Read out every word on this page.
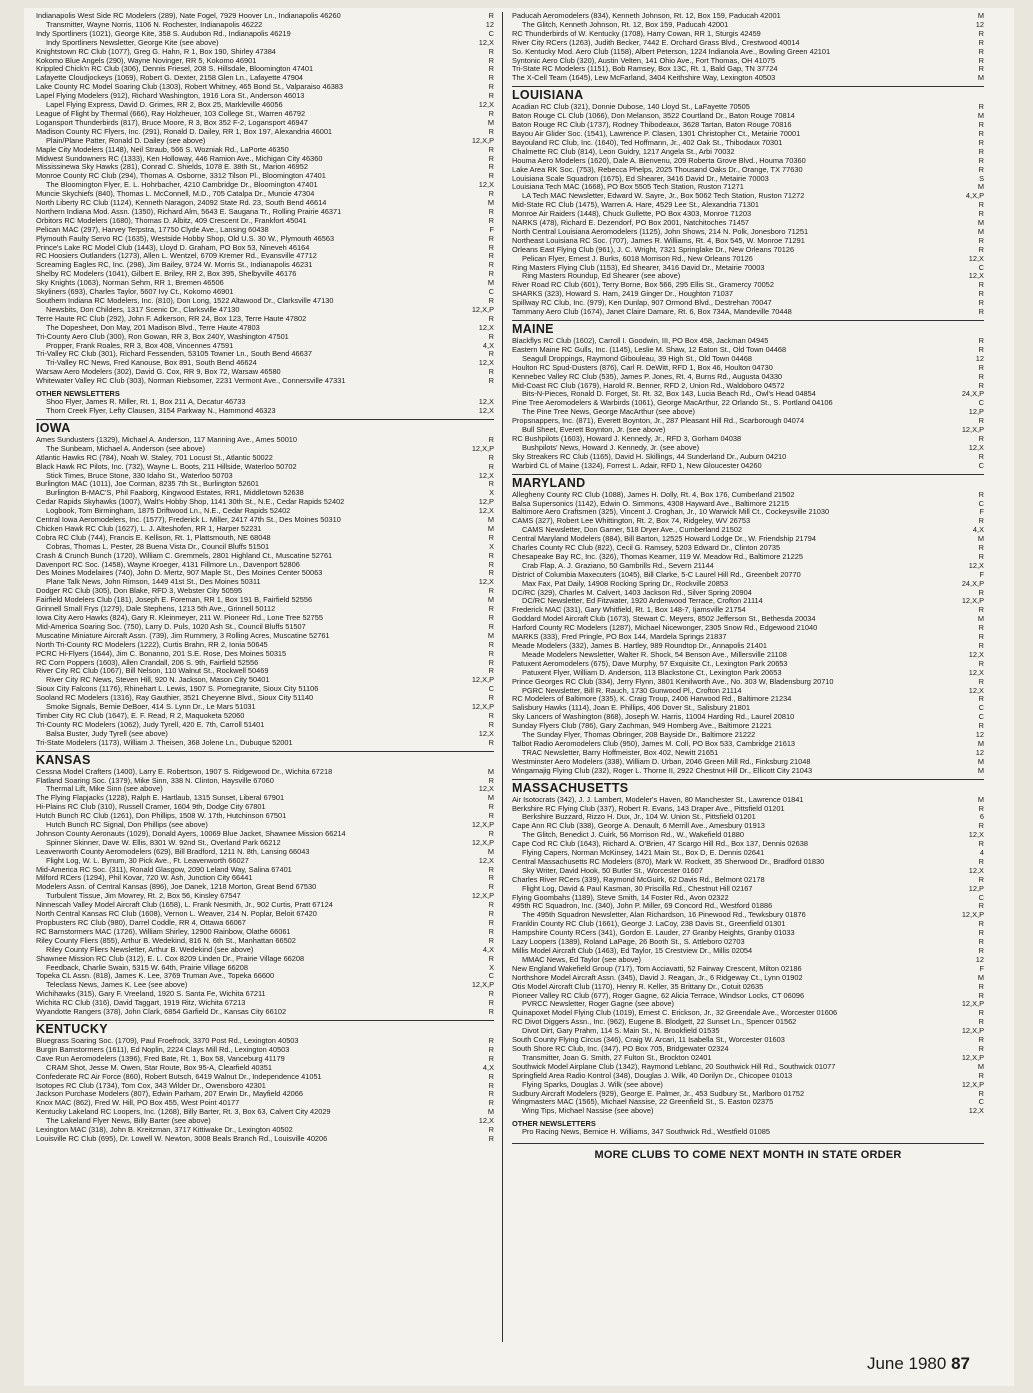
Indianapolis West Side RC Modelers (289), Nate Fogel, 7929 Hoover Ln., Indianapolis 46260	R
Transmitter, Wayne Norris, 1106 N. Rochester, Indianapolis 46222	12
Indy Sportliners (1021), George Kite, 358 S. Audubon Rd., Indianapolis 46219	C
Indy Sportliners Newsletter, George Kite (see above)	12,X
Knightstown RC Club (1077), Greg G. Hahn, R 1, Box 190, Shirley 47384	R
Kokomo Blue Angels (290), Wayne Novinger, RR 5, Kokomo 46901	R
Krippled Chick'n RC Club (306), Dennis Friesel, 208 S. Hillsdale, Bloomington 47401	R
Lafayette Cloudjockeys (1069), Robert G. Dexter, 2158 Glen Ln., Lafayette 47904	R
Lake County RC Model Soaring Club (1303), Robert Whitney, 465 Bond St., Valparaiso 46383	R
Lapel Flying Modelers (912), Richard Washington, 1916 Lora St., Anderson 46013	R
Lapel Flying Express, David D. Grimes, RR 2, Box 25, Markleville 46056	12,X
League of Flight by Thermal (666), Ray Holzheuer, 103 College St., Warren 46792	R
Logansport Thunderbirds (817), Bruce Moore, R 3, Box 352 F-2, Logansport 46947	M
Madison County RC Flyers, Inc. (291), Ronald D. Dailey, RR 1, Box 197, Alexandria 46001	R
Plain/Plane Patter, Ronald D. Dailey (see above)	12,X,P
Maple City Modelers (1148), Neil Straub, 566 S. Wozniak Rd., LaPorte 46350	R
Midwest Sundowners RC (1333), Ken Holloway, 446 Ramion Ave., Michigan City 46360	R
Mississinewa Sky Hawks (281), Conrad C. Shields, 1078 E. 38th St., Marion 46952	R
Monroe County RC Club (294), Thomas A. Osborne, 3312 Tilson Pl., Bloomington 47401	R
The Bloomington Flyer, E. L. Hohrbacher, 4210 Cambridge Dr., Bloomington 47401	12,X
Muncie Skychiefs (840), Thomas L. McConnell, M.D., 705 Catalpa Dr., Muncie 47304	R
North Liberty RC Club (1124), Kenneth Naragon, 24092 State Rd. 23, South Bend 46614	M
Northern Indiana Mod. Assn. (1350), Richard Alm, 5643 E. Saugana Tr., Rolling Prairie 46371	R
Orbitors RC Modelers (1680), Thomas D. Albitz, 409 Crescent Dr., Frankfort 45041	R
Pelican MAC (297), Harvey Terpstra, 17750 Clyde Ave., Lansing 60438	F
Plymouth Faulty Servo RC (1635), Westside Hobby Shop, Old U.S. 30 W., Plymouth 46563	R
Prince's Lake RC Model Club (1443), Lloyd D. Graham, PO Box 53, Nineveh 46164	R
RC Hoosiers Outlanders (1273), Allen L. Wentzel, 6709 Kremer Rd., Evansville 47712	R
Screaming Eagles RC, Inc. (298), Jim Bailey, 9724 W. Morris St., Indianapolis 46231	R
Shelby RC Modelers (1041), Gilbert E. Briley, RR 2, Box 395, Shelbyville 46176	R
Sky Knights (1063), Norman Sehm, RR 1, Bremen 46506	M
Skyliners (693), Charles Taylor, 5607 Ivy Ct., Kokomo 46901	C
Southern Indiana RC Modelers, Inc. (810), Don Long, 1522 Altawood Dr., Clarksville 47130	R
Newsbits, Don Childers, 1317 Scenic Dr., Clarksville 47130	12,X,P
Terre Haute RC Club (292), John F. Adkerson, RR 24, Box 123, Terre Haute 47802	R
The Dopesheet, Don May, 201 Madison Blvd., Terre Haute 47803	12,X
Tri-County Aero Club (300), Ron Gowan, RR 3, Box 240Y, Washington 47501	R
Propper, Frank Roales, RR 3, Box 408, Vincennes 47591	4,X
Tri-Valley RC Club (301), Richard Fessenden, 53105 Towner Ln., South Bend 46637	R
Tri-Valley RC News, Fred Kanouse, Box 891, South Bend 46624	12,X
Warsaw Aero Modelers (302), David G. Cox, RR 9, Box 72, Warsaw 46580	R
Whitewater Valley RC Club (303), Norman Riebsomer, 2231 Vermont Ave., Connersville 47331	R
OTHER NEWSLETTERS
Shoo Flyer, James R. Miller, Rt. 1, Box 211 A, Decatur 46733	12,X
Thorn Creek Flyer, Lefty Clausen, 3154 Parkway N., Hammond 46323	12,X
IOWA
Ames Sundusters (1329), Michael A. Anderson, 117 Manning Ave., Ames 50010	R
The Sunbeam, Michael A. Anderson (see above)	12,X,P
Atlantic Hawks RC (784), Noah W. Staley, 701 Locust St., Atlantic 50022	R
Black Hawk RC Pilots, Inc. (732), Wayne L. Boots, 211 Hillside, Waterloo 50702	R
Stick Times, Bruce Stone, 330 Idaho St., Waterloo 50703	12,X
Burlington MAC (1011), Joe Corman, 8235 7th St., Burlington 52601	R
Burlington B-MAC'S, Phil Faaborg, Kingwood Estates, RR1, Middletown 52638	X
Cedar Rapids Skyhawks (1007), Walt's Hobby Shop, 1141 30th St., N.E., Cedar Rapids 52402	12,P
Logbook, Tom Birmingham, 1875 Driftwood Ln., N.E., Cedar Rapids 52402	12,X
Central Iowa Aeromodelers, Inc. (1577), Frederick L. Miller, 2417 47th St., Des Moines 50310	M
Chicken Hawk RC Club (1627), L. J. Alteshofen, RR 1, Harper 52231	M
Cobra RC Club (744), Francis E. Kellison, Rt. 1, Plattsmouth, NE 68048	R
Cobras, Thomas L. Pester, 28 Buena Vista Dr., Council Bluffs 51501	X
Crash & Crunch Bunch (1720), William C. Gremmels, 2801 Highland Ct., Muscatine 52761	R
Davenport RC Soc. (1458), Wayne Kroeger, 4131 Fillmore Ln., Davenport 52806	R
Des Moines Modelaires (740), John D. Mertz, 907 Maple St., Des Moines Center 50063	R
Plane Talk News, John Rimson, 1449 41st St., Des Moines 50311	12,X
Dodger RC Club (305), Don Blake, RFD 3, Webster City 50595	R
Fairfield Modelers Club (181), Joseph E. Foreman, RR 1, Box 191 B, Fairfield 52556	M
Grinnell Small Frys (1279), Dale Stephens, 1213 5th Ave., Grinnell 50112	R
Iowa City Aero Hawks (824), Gary R. Kleinmeyer, 211 W. Pioneer Rd., Lone Tree 52755	R
Mid-America Soaring Soc. (750), Larry D. Puls, 1020 Ash St., Council Bluffs 51507	R
Muscatine Miniature Aircraft Assn. (739), Jim Rummery, 3 Rolling Acres, Muscatine 52761	M
North Tri-County RC Modelers (1222), Curtis Brahn, RR 2, Ionia 50645	R
PCRC Hi-Flyers (1644), Jim C. Bonanno, 201 S.E. Rose, Des Moines 50315	R
RC Corn Poppers (1603), Allen Crandall, 206 S. 9th, Fairfield 52556	R
River City RC Club (1067), Bill Nelson, 110 Walnut St., Rockwell 50469	R
River City RC News, Steven Hill, 920 N. Jackson, Mason City 50401	12,X,P
Sioux City Falcons (1176), Rhinehart L. Lewis, 1907 S. Pomegranite, Sioux City 51106	C
Sooland RC Modelers (1316), Ray Gauthier, 3521 Cheyenne Blvd., Sioux City 51140	R
Smoke Signals, Bernie DeBoer, 414 S. Lynn Dr., Le Mars 51031	12,X,P
Timber City RC Club (1647), E. F. Read, R 2, Maquoketa 52060	R
Tri-County RC Modelers (1062), Judy Tyrell, 420 E. 7th, Carroll 51401	R
Balsa Buster, Judy Tyrell (see above)	12,X
Tri-State Modelers (1173), William J. Theisen, 368 Jolene Ln., Dubuque 52001	R
KANSAS
Cessna Model Crafters (1400), Larry E. Robertson, 1907 S. Ridgewood Dr., Wichita 67218	M
Flatland Soaring Soc. (1379), Mike Sinn, 338 N. Clinton, Haysville 67060	R
Thermal Lift, Mike Sinn (see above)	12,X
The Flying Flapjacks (1228), Ralph E. Hartlaub, 1315 Sunset, Liberal 67901	M
Hi-Plains RC Club (310), Russell Cramer, 1604 9th, Dodge City 67801	R
Hutch Bunch RC Club (1261), Don Phillips, 1508 W. 17th, Hutchinson 67501	R
Hutch Bunch RC Signal, Don Phillips (see above)	12,X,P
Johnson County Aeronauts (1029), Donald Ayers, 10069 Blue Jacket, Shawnee Mission 66214	R
Spinner Skinner, Dave W. Ellis, 8301 W. 92nd St., Overland Park 66212	12,X,P
Leavenworth County Aeromodelers (629), Bill Bradford, 1211 N. 8th, Lansing 66043	M
Flight Log, W. L. Bynum, 30 Pick Ave., Ft. Leavenworth 66027	12,X
Mid-America RC Soc. (311), Ronald Glasgow, 2090 Leland Way, Salina 67401	R
Milford RCers (1294), Phil Kovar, 720 W. Ash, Junction City 66441	R
Modelers Assn. of Central Kansas (896), Joe Danek, 1218 Morton, Great Bend 67530	R
Turbulent Tissue, Jim Mowrey, Rt. 2, Box 56, Kinsley 67547	12,X,P
Ninnescah Valley Model Aircraft Club (1658), L. Frank Nesmith, Jr., 902 Curtis, Pratt 67124	R
North Central Kansas RC Club (1608), Vernon L. Weaver, 214 N. Poplar, Beloit 67420	R
Propbusters RC Club (980), Darrel Coddle, RR 4, Ottawa 66067	R
RC Barnstormers MAC (1726), William Shirley, 12900 Rainbow, Olathe 66061	R
Riley County Fliers (855), Arthur B. Wedekind, 816 N. 6th St., Manhattan 66502	R
Riley County Fliers Newsletter, Arthur B. Wedekind (see above)	4,X
Shawnee Mission RC Club (312), E. L. Cox 8209 Linden Dr., Prairie Village 66208	R
Feedback, Charlie Swain, 5315 W. 64th, Prairie Village 66208	X
Topeka CL Assn. (818), James K. Lee, 3769 Truman Ave., Topeka 66600	C
Teleclass News, James K. Lee (see above)	12,X,P
Wichihawks (315), Gary F. Vreeland, 1920 S. Santa Fe, Wichita 67211	R
Wichita RC Club (316), David Taggart, 1919 Ritz, Wichita 67213	R
Wyandotte Rangers (378), John Clark, 6854 Garfield Dr., Kansas City 66102	R
KENTUCKY
Bluegrass Soaring Soc. (1709), Paul Froefrock, 3370 Post Rd., Lexington 40503	R
Burgin Barnstormers (1611), Ed Noplin, 2224 Clays Mill Rd., Lexington 40503	R
Cave Run Aeromodelers (1396), Fred Bate, Rt. 1, Box 58, Vanceburg 41179	R
CRAM Shot, Jesse M. Owen, Star Route, Box 95-A, Clearfield 40351	4,X
Confederate RC Air Force (860), Robert Butsch, 6419 Walnut Dr., Independence 41051	R
Isotopes RC Club (1734), Tom Cox, 343 Wilder Dr., Owensboro 42301	R
Jackson Purchase Modelers (807), Edwin Parham, 207 Erwin Dr., Mayfield 42066	R
Knox MAC (862), Fred W. Hill, PO Box 455, West Point 40177	R
Kentucky Lakeland RC Loopers, Inc. (1268), Billy Barter, Rt. 3, Box 63, Calvert City 42029	M
The Lakeland Flyer News, Billy Barter (see above)	12,X
Lexington MAC (318), John B. Kreitzman, 3717 Kittiwake Dr., Lexington 40502	R
Louisville RC Club (695), Dr. Lowell W. Newton, 3008 Beals Branch Rd., Louisville 40206	R
Paducah Aeromodelers (834), Kenneth Johnson, Rt. 12, Box 159, Paducah 42001	M
The Glitch, Kenneth Johnson, Rt. 12, Box 159, Paducah 42001	12
RC Thunderbirds of W. Kentucky (1708), Harry Cowan, RR 1, Sturgis 42459	R
River City RCers (1263), Judith Becker, 7442 E. Orchard Grass Blvd., Crestwood 40014	R
So. Kentucky Mod. Aero Club (1158), Albert Peterson, 1224 Indianola Ave., Bowling Green 42101	R
Syntonic Aero Club (320), Austin Velten, 141 Ohio Ave., Fort Thomas, OH 41075	R
Tri-State RC Modelers (1151), Bob Ramsey, Box 13C, Rt. 1, Bald Gap, TN 37724	R
The X-Cell Team (1645), Lew McFarland, 3404 Keithshire Way, Lexington 40503	M
LOUISIANA
Acadian RC Club (321), Donnie Dubose, 140 Lloyd St., LaFayette 70505	R
Baton Rouge CL Club (1066), Don Melanson, 3522 Courtland Dr., Baton Rouge 70814	M
Baton Rouge RC Club (1737), Rodney Thibodeaux, 3628 Tartan, Baton Rouge 70816	R
Bayou Air Glider Soc. (1541), Lawrence P. Clasen, 1301 Christopher Ct., Metairie 70001	R
Bayouland RC Club, Inc. (1640), Ted Hoffmann, Jr., 402 Oak St., Thibodaux 70301	R
Chalmette RC Club (814), Leon Guidry, 1217 Angela St., Arbi 70032	R
Houma Aero Modelers (1620), Dale A. Bienvenu, 209 Roberta Grove Blvd., Houma 70360	R
Lake Area RK Soc. (753), Rebecca Phelps, 2025 Thousand Oaks Dr., Orange, TX 77630	R
Louisiana Scale Squadron (1675), Ed Shearer, 3416 David Dr., Metairie 70003	S
Louisiana Tech MAC (1668), PO Box 5505 Tech Station, Ruston 71271	M
LA Tech MAC Newsletter, Edward W. Sayre, Jr., Box 5062 Tech Station, Ruston 71272	4,X,P
Mid-State RC Club (1475), Warren A. Hare, 4529 Lee St., Alexandria 71301	R
Monroe Air Raiders (1448), Chuck Gullette, PO Box 4303, Monroe 71203	R
NARKS (478), Richard E. Dezendorf, PO Box 2001, Natchitoches 71457	M
North Central Louisiana Aeromodelers (1125), John Shows, 214 N. Polk, Jonesboro 71251	M
Northeast Louisiana RC Soc. (707), James R. Williams, Rt. 4, Box 545, W. Monroe 71291	R
Orleans East Flying Club (961), J. C. Wright, 7321 Springlake Dr., New Orleans 70126	R
Pelican Flyer, Ernest J. Burks, 6018 Morrison Rd., New Orleans 70126	12,X
Ring Masters Flying Club (1153), Ed Shearer, 3416 David Dr., Metairie 70003	C
Ring Masters Roundup, Ed Shearer (see above)	12,X
River Road RC Club (601), Terry Borne, Box 566, 295 Ellis St., Gramercy 70052	R
SHARKS (323), Howard S. Ham, 2419 Ginger Dr., Houghton 71037	R
Spillway RC Club, Inc. (979), Ken Dunlap, 907 Ormond Blvd., Destrehan 70047	R
Tammany Aero Club (1674), Janet Claire Damare, Rt. 6, Box 734A, Mandeville 70448	R
MAINE
Blackflys RC Club (1602), Carroll I. Goodwin, III, PO Box 458, Jackman 04945	R
Eastern Maine RC Gulls, Inc. (1145), Leslie M. Shaw, 12 Eaton St., Old Town 04468	R
Seagull Droppings, Raymond Gibouleau, 39 High St., Old Town 04468	12
Houlton RC Spud-Dusters (876), Carl R. DeWitt, RFD 1, Box 46, Houlton 04730	R
Kennebec Valley RC Club (535), James P. Jones, Rt. 4, Burns Rd., Augusta 04330	R
Mid-Coast RC Club (1679), Harold R. Benner, RFD 2, Union Rd., Waldoboro 04572	R
Bits-N-Pieces, Ronald D. Forget, St. Rt. 32, Box 143, Lucia Beach Rd., Owl's Head 04854	24,X,P
Pine Tree Aeromodelers & Warbirds (1061), George MacArthur, 22 Orlando St., S. Portland 04106	C
The Pine Tree News, George MacArthur (see above)	12,P
Propsnappers, Inc. (871), Everett Boynton, Jr., 287 Pleasant Hill Rd., Scarborough 04074	R
Bull Sheet, Everett Boynton, Jr. (see above)	12,X,P
RC Bushpilots (1603), Howard J. Kennedy, Jr., RFD 3, Gorham 04038	R
Bushpilots' News, Howard J. Kennedy, Jr. (see above)	12,X
Sky Streakers RC Club (1165), David H. Skillings, 44 Sunderland Dr., Auburn 04210	R
Warbird CL of Maine (1324), Forrest L. Adair, RFD 1, New Gloucester 04260	C
MARYLAND
Allegheny County RC Club (1088), James H. Dolly, Rt. 4, Box 176, Cumberland 21502	R
Balsa Supersonics (1142), Edwin O. Simmons, 4308 Hayward Ave., Baltimore 21215	C
Baltimore Aero Craftsmen (325), Vincent J. Croghan, Jr., 10 Warwick Mill Ct., Cockeysville 21030	F
CAMS (327), Robert Lee Whittington, Rt. 2, Box 74, Ridgeley, WV 26753	R
CAMS Newsletter, Don Garner, 518 Dryer Ave., Cumberland 21502	4,X
Central Maryland Modelers (884), Bill Barton, 12525 Howard Lodge Dr., W. Friendship 21794	M
Charles County RC Club (822), Cecil G. Ramsey, 5203 Edward Dr., Clinton 20735	R
Chesapeake Bay RC, Inc. (326), Thomas Kearner, 119 W. Meadow Rd., Baltimore 21225	R
Crab Flap, A. J. Graziano, 50 Gambrills Rd., Severn 21144	12,X
District of Columbia Maxecuters (1045), Bill Clarke, 5-C Laurel Hill Rd., Greenbelt 20770	F
Max Fax, Pat Daily, 14908 Rocking Spring Dr., Rockville 20853	24,X,P
DC/RC (329), Charles M. Calvert, 1403 Jackson Rd., Silver Spring 20904	R
DC/RC Newsletter, Ed Fitzwater, 1920 Ardenwood Terrace, Crofton 21114	12,X,P
Frederick MAC (331), Gary Whitfield, Rt. 1, Box 148-7, Ijamsville 21754	R
Goddard Model Aircraft Club (1673), Stewart C. Meyers, 8502 Jefferson St., Bethesda 20034	M
Harford County RC Modelers (1287), Michael Nicewonger, 2305 Snow Rd., Edgewood 21040	R
MARKS (333), Fred Pringle, PO Box 144, Mardela Springs 21837	R
Meade Modelers (332), James B. Hartley, 989 Roundtop Dr., Annapolis 21401	R
Meade Modelers Newsletter, Walter R. Shock, 54 Benson Ave., Millersville 21108	12,X
Patuxent Aeromodelers (675), Dave Murphy, 57 Exquisite Ct., Lexington Park 20653	R
Patuxent Flyer, William D. Anderson, 113 Blackstone Ct., Lexington Park 20653	12,X
Prince Georges RC Club (334), Jerry Flynn, 3801 Kenilworth Ave., No. 303 W, Bladensburg 20710	R
PGRC Newsletter, Bill R. Rauch, 1730 Gunwood Pl., Crofton 21114	12,X
RC Modelers of Baltimore (335), K. Craig Troup, 2406 Harwood Rd., Baltimore 21234	R
Salisbury Hawks (1114), Joan E. Phillips, 406 Dover St., Salisbury 21801	C
Sky Lancers of Washington (868), Joseph W. Harris, 11004 Harding Rd., Laurel 20810	C
Sunday Flyers Club (786), Gary Zachman, 949 Homberg Ave., Baltimore 21221	R
The Sunday Flyer, Thomas Obringer, 208 Bayside Dr., Baltimore 21222	12
Talbot Radio Aeromodelers Club (950), James M. Coll, PO Box 533, Cambridge 21613	M
TRAC Newsletter, Barry Hoffmeister, Box 402, Newitt 21651	12
Westminster Aero Modelers (338), William D. Urban, 2046 Green Mill Rd., Finksburg 21048	M
Wingamajig Flying Club (232), Roger L. Thorne II, 2922 Chestnut Hill Dr., Ellicott City 21043	M
MASSACHUSETTS
Air Isotocrats (342), J. J. Lambert, Modeler's Haven, 80 Manchester St., Lawrence 01841	M
Berkshire RC Flying Club (337), Robert R. Evans, 143 Draper Ave., Pittsfield 01201	R
Berkshire Buzzard, Rizzo H. Dux, Jr., 104 W. Union St., Pittsfield 01201	6
Cape Ann RC Club (338), George A. Denault, 6 Merrill Ave., Amesbury 01913	R
The Glitch, Benedict J. Cuirk, 56 Morrison Rd., W., Wakefield 01880	12,X
Cape Cod RC Club (1643), Richard A. O'Brien, 47 Scargo Hill Rd., Box 137, Dennis 02638	R
Flying Capers, Norman McKinsey, 1421 Main St., Box D, E. Dennis 02641	4
Central Massachusetts RC Modelers (870), Mark W. Rockett, 35 Sherwood Dr., Bradford 01830	R
Sky Writer, David Hook, 50 Butler St., Worcester 01607	12,X
Charles River RCers (339), Raymond McGuirk, 62 Davis Rd., Belmont 02178	R
Flight Log, David & Paul Kasman, 30 Priscilla Rd., Chestnut Hill 02167	12,P
Flying Goombahs (1189), Steve Smith, 14 Foster Rd., Avon 02322	C
495th RC Squadron, Inc. (340), John P. Miller, 69 Concord Rd., Westford 01886	R
The 495th Squadron Newsletter, Alan Richardson, 16 Pinewood Rd., Tewksbury 01876	12,X,P
Franklin County RC Club (1661), George J. LaCoy, 238 Davis St., Greenfield 01301	R
Hampshire County RCers (341), Gordon E. Lauder, 27 Granby Heights, Granby 01033	R
Lazy Loopers (1389), Roland LaPage, 26 Booth St., S. Attleboro 02703	R
Millis Model Aircraft Club (1463), Ed Taylor, 15 Crestview Dr., Millis 02054	R
MMAC News, Ed Taylor (see above)	12
New England Wakefield Group (717), Tom Acciavatti, 52 Fairway Crescent, Milton 02186	F
Northshore Model Aircraft Assn. (345), David J. Reagan, Jr., 6 Ridgeway Ct., Lynn 01902	M
Otis Model Aircraft Club (1170), Henry R. Keller, 35 Brittany Dr., Cotuit 02635	R
Pioneer Valley RC Club (677), Roger Gagne, 62 Alicia Terrace, Windsor Locks, CT 06096	R
PVRCC Newsletter, Roger Gagne (see above)	12,X,P
Quinapoxet Model Flying Club (1019), Ernest C. Erickson, Jr., 32 Greendale Ave., Worcester 01606	R
RC Divot Diggers Assn., Inc. (962), Eugene B. Blodgett, 22 Sunset Ln., Spencer 01562	R
Divot Dirt, Gary Prahm, 114 S. Main St., N. Brookfield 01535	12,X,P
South County Flying Circus (346), Craig W. Arcari, 11 Isabella St., Worcester 01603	R
South Shore RC Club, Inc. (347), PO Box 705, Bridgewater 02324	R
Transmitter, Joan G. Smith, 27 Fulton St., Brockton 02401	12,X,P
Southwick Model Airplane Club (1342), Raymond Leblanc, 20 Southwick Hill Rd., Southwick 01077	M
Springfield Area Radio Kontrol (348), Douglas J. Wilk, 40 Dorilyn Dr., Chicopee 01013	R
Flying Sparks, Douglas J. Wilk (see above)	12,X,P
Sudbury Aircraft Modelers (929), George E. Palmer, Jr., 453 Sudbury St., Marlboro 01752	R
Wingmasters MAC (1565), Michael Nassise, 22 Greenfield St., S. Easton 02375	C
Wing Tips, Michael Nassise (see above)	12,X
OTHER NEWSLETTERS
Pro Racing News, Bernice H. Williams, 347 Southwick Rd., Westfield 01085
MORE CLUBS TO COME NEXT MONTH IN STATE ORDER
June 1980 87
